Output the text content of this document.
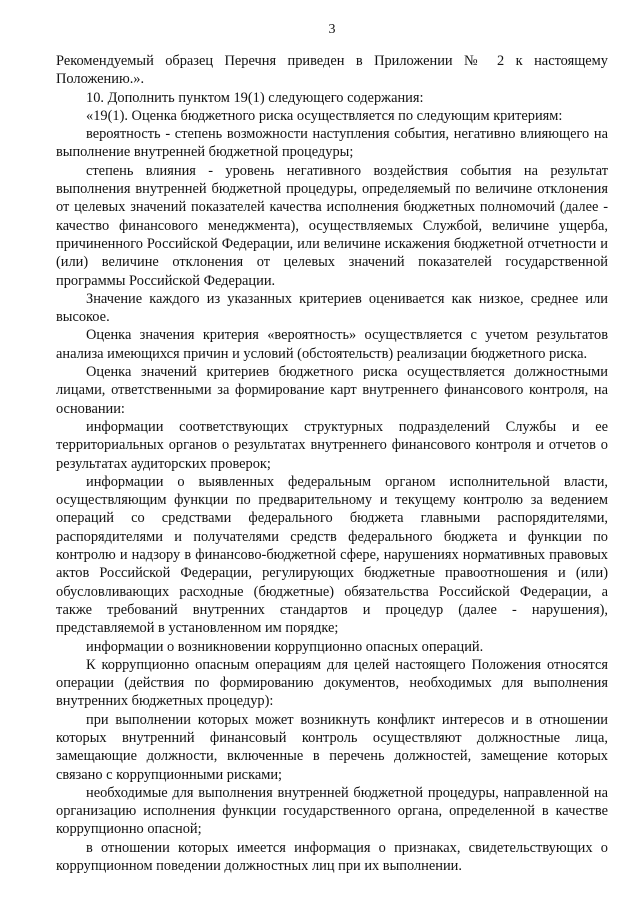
3

Рекомендуемый образец Перечня приведен в Приложении № 2 к настоящему Положению.».

10. Дополнить пунктом 19(1) следующего содержания:

«19(1). Оценка бюджетного риска осуществляется по следующим критериям:

вероятность - степень возможности наступления события, негативно влияющего на выполнение внутренней бюджетной процедуры;

степень влияния - уровень негативного воздействия события на результат выполнения внутренней бюджетной процедуры, определяемый по величине отклонения от целевых значений показателей качества исполнения бюджетных полномочий (далее - качество финансового менеджмента), осуществляемых Службой, величине ущерба, причиненного Российской Федерации, или величине искажения бюджетной отчетности и (или) величине отклонения от целевых значений показателей государственной программы Российской Федерации.

Значение каждого из указанных критериев оценивается как низкое, среднее или высокое.

Оценка значения критерия «вероятность» осуществляется с учетом результатов анализа имеющихся причин и условий (обстоятельств) реализации бюджетного риска.

Оценка значений критериев бюджетного риска осуществляется должностными лицами, ответственными за формирование карт внутреннего финансового контроля, на основании:

информации соответствующих структурных подразделений Службы и ее территориальных органов о результатах внутреннего финансового контроля и отчетов о результатах аудиторских проверок;

информации о выявленных федеральным органом исполнительной власти, осуществляющим функции по предварительному и текущему контролю за ведением операций со средствами федерального бюджета главными распорядителями, распорядителями и получателями средств федерального бюджета и функции по контролю и надзору в финансово-бюджетной сфере, нарушениях нормативных правовых актов Российской Федерации, регулирующих бюджетные правоотношения и (или) обусловливающих расходные (бюджетные) обязательства Российской Федерации, а также требований внутренних стандартов и процедур (далее - нарушения), представляемой в установленном им порядке;

информации о возникновении коррупционно опасных операций.

К коррупционно опасным операциям для целей настоящего Положения относятся операции (действия по формированию документов, необходимых для выполнения внутренних бюджетных процедур):

при выполнении которых может возникнуть конфликт интересов и в отношении которых внутренний финансовый контроль осуществляют должностные лица, замещающие должности, включенные в перечень должностей, замещение которых связано с коррупционными рисками;

необходимые для выполнения внутренней бюджетной процедуры, направленной на организацию исполнения функции государственного органа, определенной в качестве коррупционно опасной;

в отношении которых имеется информация о признаках, свидетельствующих о коррупционном поведении должностных лиц при их выполнении.
